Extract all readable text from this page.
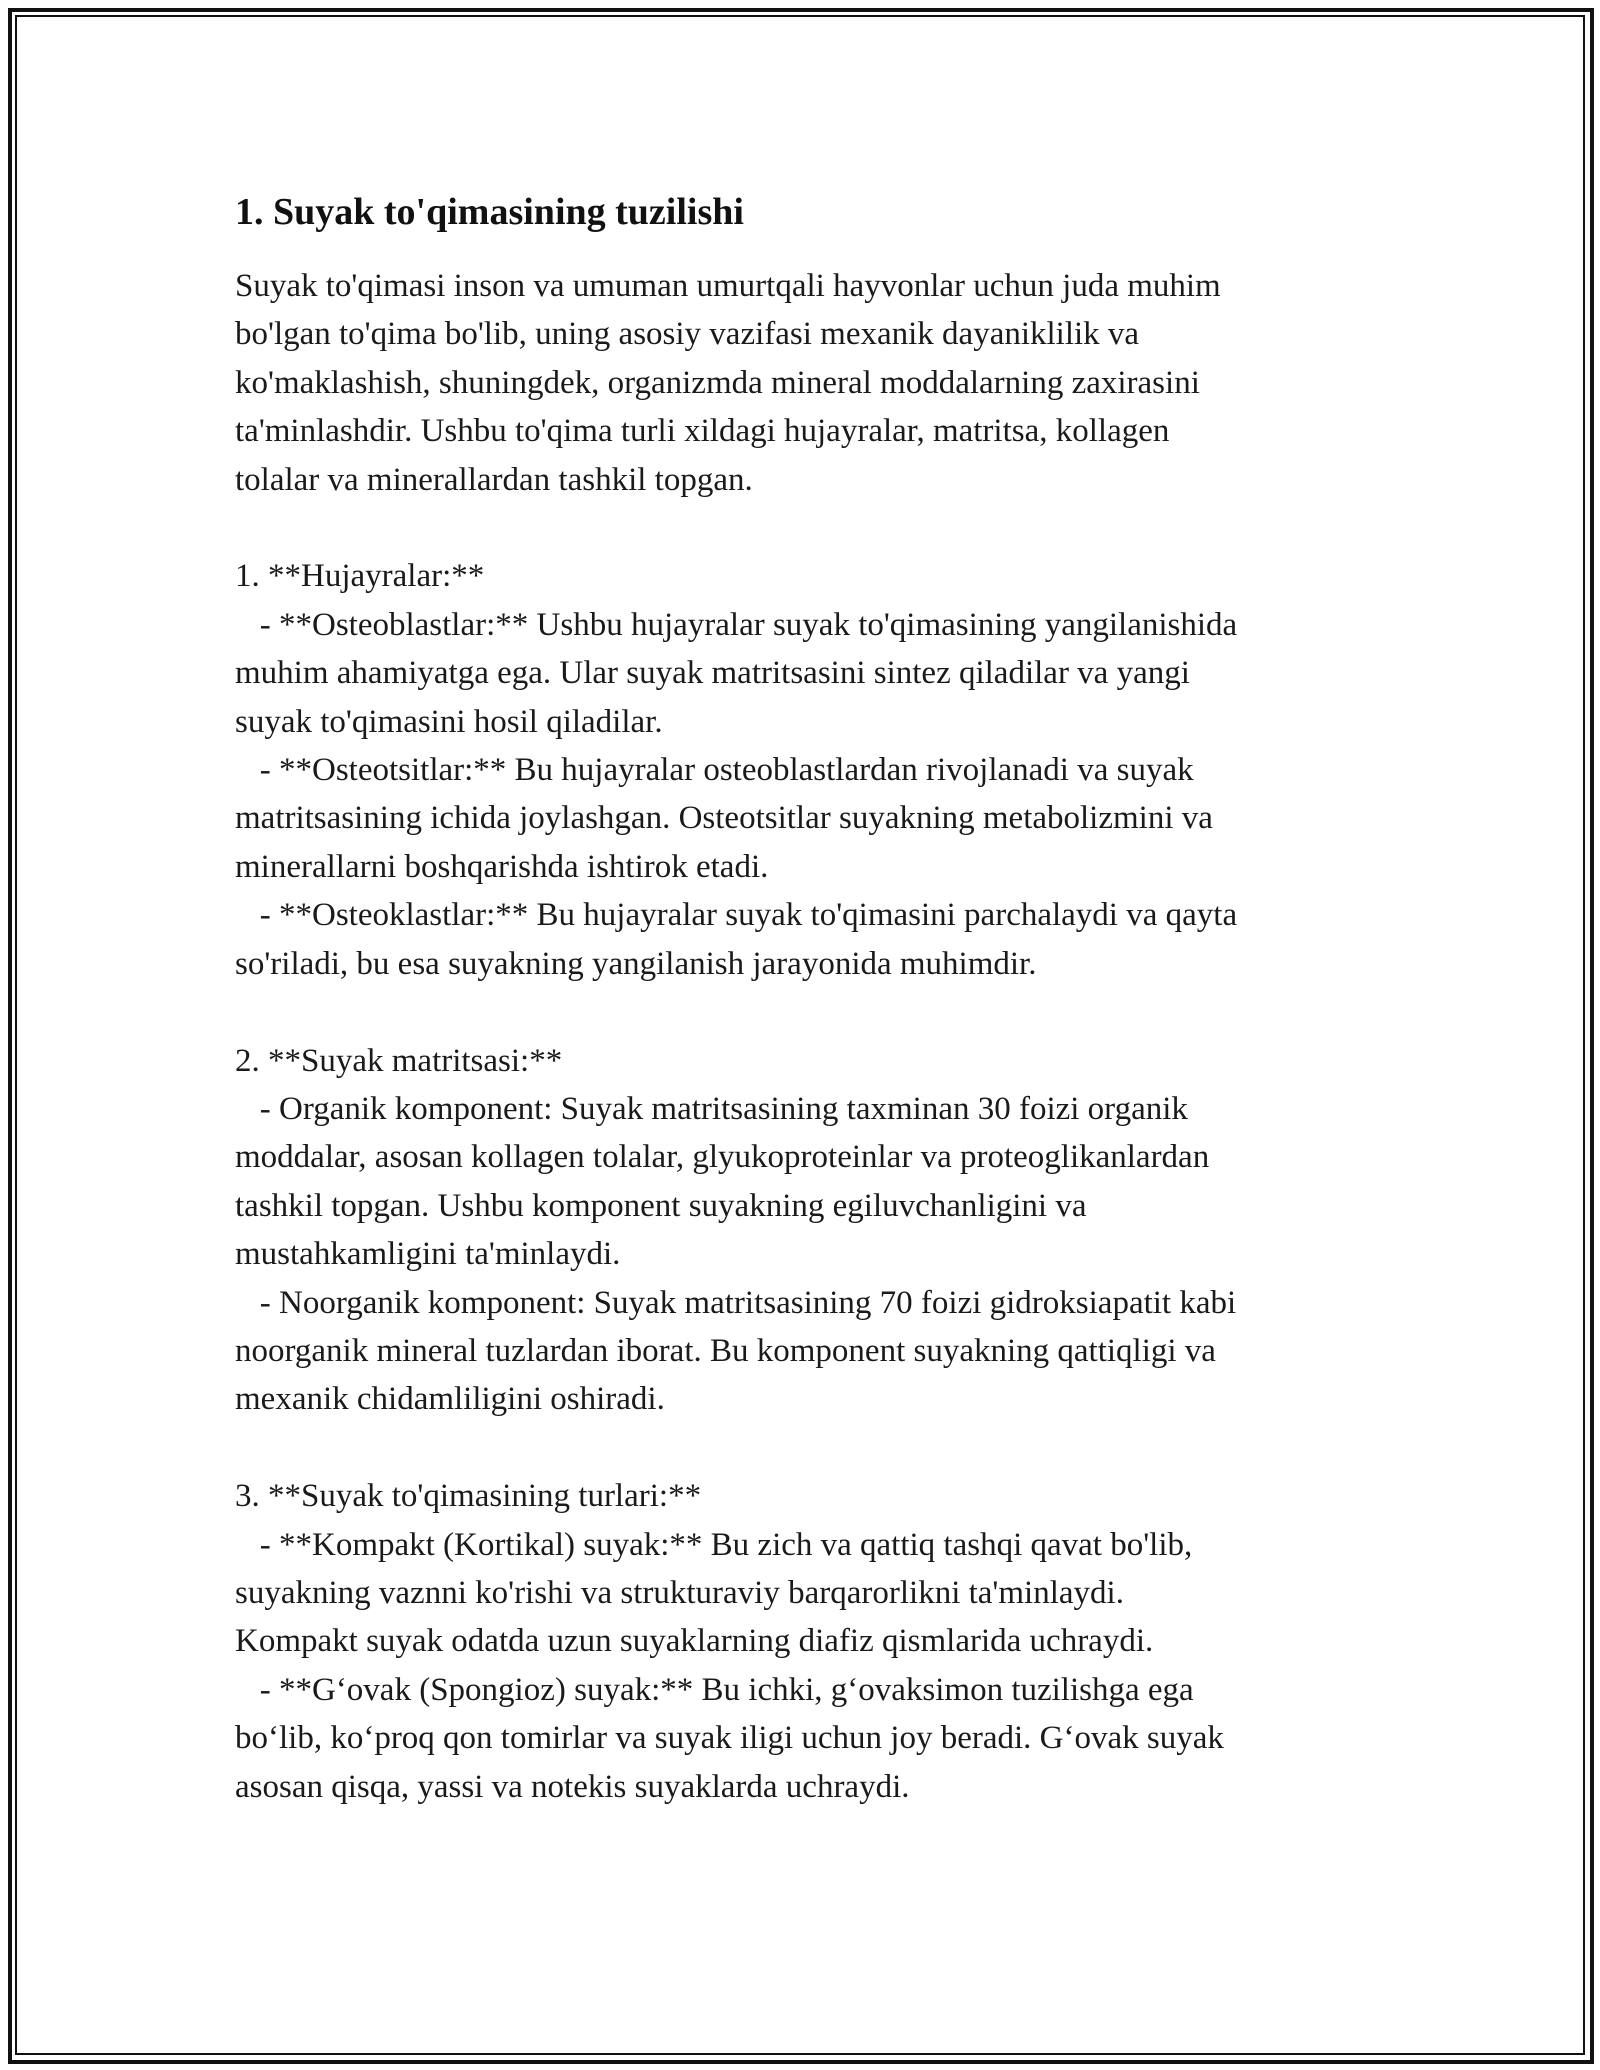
1. Suyak to'qimasining tuzilishi

Suyak to'qimasi inson va umuman umurtqali hayvonlar uchun juda muhim
bo'lgan to'qima bo'lib, uning asosiy vazifasi mexanik dayaniklilik va
ko'maklashish, shuningdek, organizmda mineral moddalarning zaxirasini
ta'minlashdir. Ushbu to'qima turli xildagi hujayralar, matritsa, kollagen
tolalar va minerallardan tashkil topgan.

1. **Hujayralar:**
- **Osteoblastlar:** Ushbu hujayralar suyak to'qimasining yangilanishida
muhim ahamiyatga ega. Ular suyak matritsasini sintez qiladilar va yangi
suyak to'qimasini hosil qiladilar.
- **Osteotsitlar:** Bu hujayralar osteoblastlardan rivojlanadi va suyak
matritsasining ichida joylashgan. Osteotsitlar suyakning metabolizmini va
minerallarni boshqarishda ishtirok etadi.
- **Osteoklastlar:** Bu hujayralar suyak to'qimasini parchalaydi va qayta
so'riladi, bu esa suyakning yangilanish jarayonida muhimdir.

2. **Suyak matritsasi:**
- Organik komponent: Suyak matritsasining taxminan 30 foizi organik
moddalar, asosan kollagen tolalar, glyukoproteinlar va proteoglikanlardan
tashkil topgan. Ushbu komponent suyakning egiluvchanligini va
mustahkamligini ta'minlaydi.
- Noorganik komponent: Suyak matritsasining 70 foizi gidroksiapatit kabi
noorganik mineral tuzlardan iborat. Bu komponent suyakning qattiqligi va
mexanik chidamliligini oshiradi.

3. **Suyak to'qimasining turlari:**
- **Kompakt (Kortikal) suyak:** Bu zich va qattiq tashqi qavat bo'lib,
suyakning vaznni ko'rishi va strukturaviy barqarorlikni ta'minlaydi.
Kompakt suyak odatda uzun suyaklarning diafiz qismlarida uchraydi.
- **G‘ovak (Spongioz) suyak:** Bu ichki, g‘ovaksimon tuzilishga ega
bo‘lib, ko‘proq qon tomirlar va suyak iligi uchun joy beradi. G‘ovak suyak
asosan qisqa, yassi va notekis suyaklarda uchraydi.
